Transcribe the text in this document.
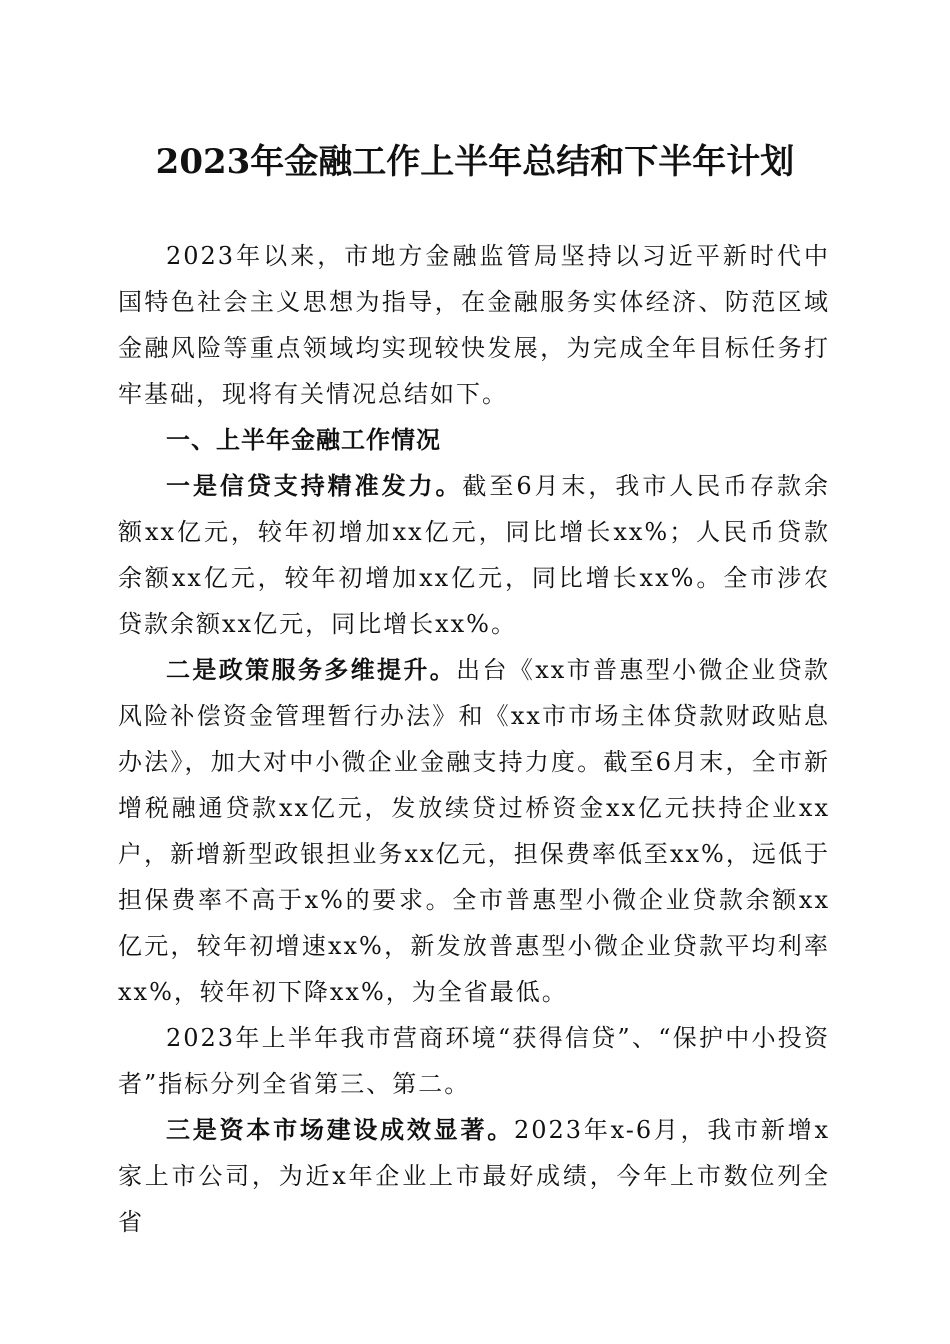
2023年金融工作上半年总结和下半年计划

2023年以来，市地方金融监管局坚持以习近平新时代中国特色社会主义思想为指导，在金融服务实体经济、防范区域金融风险等重点领域均实现较快发展，为完成全年目标任务打牢基础，现将有关情况总结如下。

一、上半年金融工作情况

一是信贷支持精准发力。截至6月末，我市人民币存款余额xx亿元，较年初增加xx亿元，同比增长xx%；人民币贷款余额xx亿元，较年初增加xx亿元，同比增长xx%。全市涉农贷款余额xx亿元，同比增长xx%。

二是政策服务多维提升。出台《xx市普惠型小微企业贷款风险补偿资金管理暂行办法》和《xx市市场主体贷款财政贴息办法》，加大对中小微企业金融支持力度。截至6月末，全市新增税融通贷款xx亿元，发放续贷过桥资金xx亿元扶持企业xx户，新增新型政银担业务xx亿元，担保费率低至xx%，远低于担保费率不高于x%的要求。全市普惠型小微企业贷款余额xx亿元，较年初增速xx%，新发放普惠型小微企业贷款平均利率xx%，较年初下降xx%，为全省最低。

2023年上半年我市营商环境“获得信贷”、“保护中小投资者”指标分列全省第三、第二。

三是资本市场建设成效显著。2023年x-6月，我市新增x家上市公司，为近x年企业上市最好成绩，今年上市数位列全省
